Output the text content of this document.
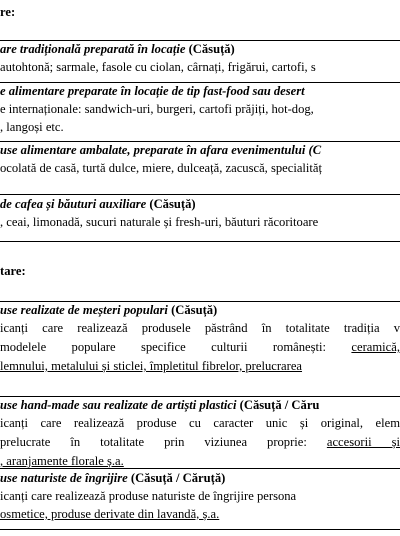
re:
are tradițională preparată în locație (Căsuță)
autohtonă; sarmale, fasole cu ciolan, cârnați, frigărui, cartofi, s
e alimentare preparate în locație de tip fast-food sau desert
e internaționale: sandwich-uri, burgeri, cartofi prăjiți, hot-dog,
, langoși etc.
use alimentare ambalate, preparate în afara evenimentului (C
ocolată de casă, turtă dulce, miere, dulceață, zacuscă, specialităț
de cafea și băuturi auxiliare (Căsuță)
, ceai, limonadă, sucuri naturale și fresh-uri, băuturi răcoritoare
tare:
use realizate de meșteri populari (Căsuță)
icanți care realizează produsele păstrând în totalitate tradiția v
modelele populare specifice culturii românești: ceramică,
lemnului, metalului și sticlei, împletitul fibrelor, prelucrarea
use hand-made sau realizate de artiști plastici (Căsuță / Căru
icanți care realizează produse cu caracter unic și original, elem
prelucrate în totalitate prin viziunea proprie: accesorii și
, aranjamente florale ș.a.
use naturiste de îngrijire (Căsuță / Căruță)
icanți care realizează produse naturiste de îngrijire persona
osmetice, produse derivate din lavandă, ș.a.
